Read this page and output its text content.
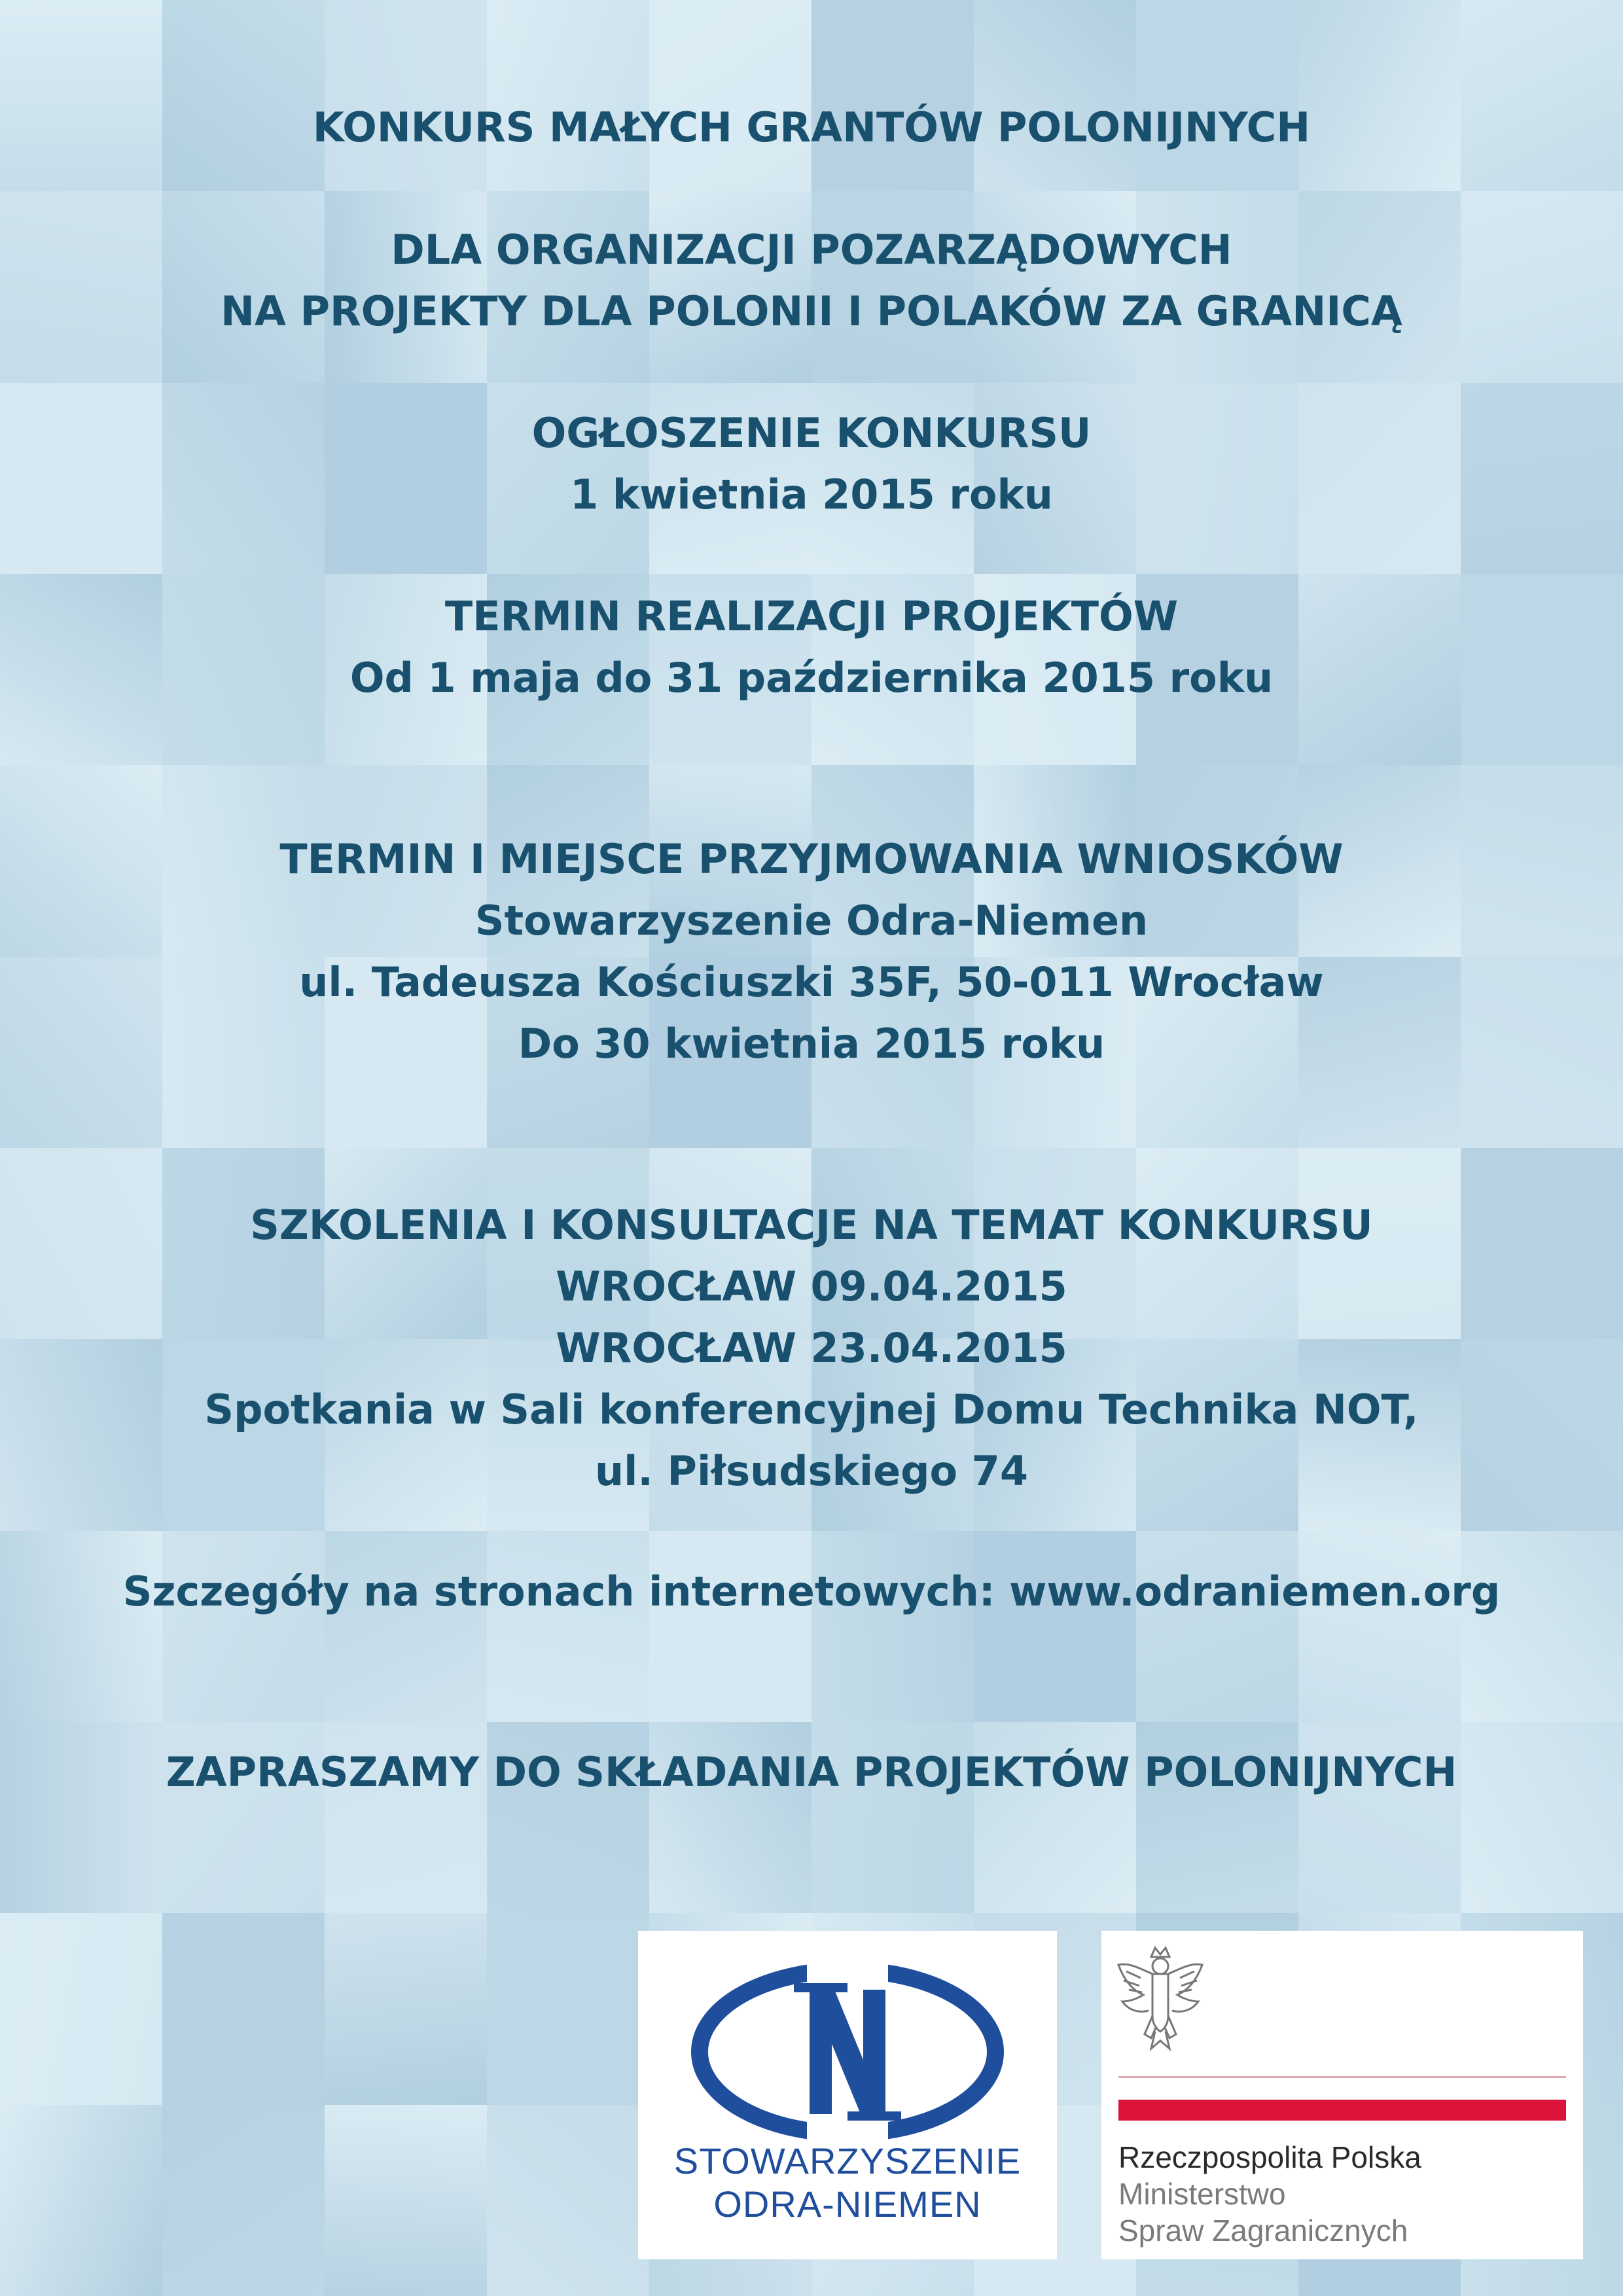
KONKURS MAŁYCH GRANTÓW POLONIJNYCH
DLA ORGANIZACJI POZARZĄDOWYCH
NA PROJEKTY DLA POLONII I POLAKÓW ZA GRANICĄ
OGŁOSZENIE KONKURSU
1 kwietnia 2015 roku
TERMIN REALIZACJI PROJEKTÓW
Od 1 maja do 31 października 2015 roku
TERMIN I MIEJSCE PRZYJMOWANIA WNIOSKÓW
Stowarzyszenie Odra-Niemen
ul. Tadeusza Kościuszki 35F, 50-011 Wrocław
Do 30 kwietnia 2015 roku
SZKOLENIA I KONSULTACJE NA TEMAT KONKURSU
WROCŁAW 09.04.2015
WROCŁAW 23.04.2015
Spotkania w Sali konferencyjnej Domu Technika NOT,
ul. Piłsudskiego 74
Szczegóły na stronach internetowych: www.odraniemen.org
ZAPRASZAMY DO SKŁADANIA PROJEKTÓW POLONIJNYCH
STOWARZYSZENIE
ODRA-NIEMEN
Rzeczpospolita Polska
Ministerstwo
Spraw Zagranicznych
